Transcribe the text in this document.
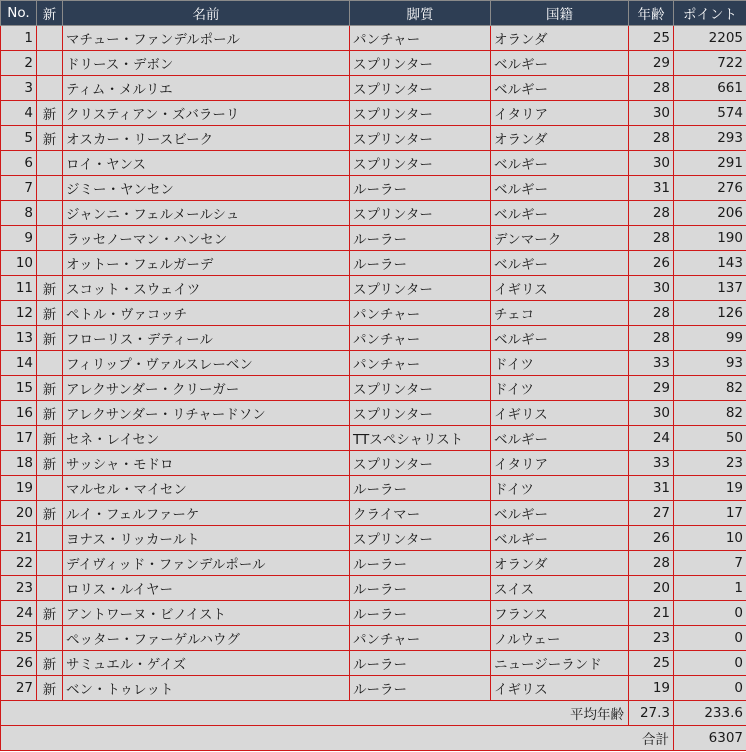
No.	新	名前	脚質	国籍	年齢	ポイント
1		マチュー・ファンデルポール	パンチャー	オランダ	25	2205
2		ドリース・デボン	スプリンター	ベルギー	29	722
3		ティム・メルリエ	スプリンター	ベルギー	28	661
4	新	クリスティアン・ズバラーリ	スプリンター	イタリア	30	574
5	新	オスカー・リースビーク	スプリンター	オランダ	28	293
6		ロイ・ヤンス	スプリンター	ベルギー	30	291
7		ジミー・ヤンセン	ルーラー	ベルギー	31	276
8		ジャンニ・フェルメールシュ	スプリンター	ベルギー	28	206
9		ラッセノーマン・ハンセン	ルーラー	デンマーク	28	190
10		オットー・フェルガーデ	ルーラー	ベルギー	26	143
11	新	スコット・スウェイツ	スプリンター	イギリス	30	137
12	新	ペトル・ヴァコッチ	パンチャー	チェコ	28	126
13	新	フローリス・デティール	パンチャー	ベルギー	28	99
14		フィリップ・ヴァルスレーベン	パンチャー	ドイツ	33	93
15	新	アレクサンダー・クリーガー	スプリンター	ドイツ	29	82
16	新	アレクサンダー・リチャードソン	スプリンター	イギリス	30	82
17	新	セネ・レイセン	TTスペシャリスト	ベルギー	24	50
18	新	サッシャ・モドロ	スプリンター	イタリア	33	23
19		マルセル・マイセン	ルーラー	ドイツ	31	19
20	新	ルイ・フェルファーケ	クライマー	ベルギー	27	17
21		ヨナス・リッカールト	スプリンター	ベルギー	26	10
22		デイヴィッド・ファンデルポール	ルーラー	オランダ	28	7
23		ロリス・ルイヤー	ルーラー	スイス	20	1
24	新	アントワーヌ・ビノイスト	ルーラー	フランス	21	0
25		ペッター・ファーゲルハウグ	パンチャー	ノルウェー	23	0
26	新	サミュエル・ゲイズ	ルーラー	ニュージーランド	25	0
27	新	ベン・トゥレット	ルーラー	イギリス	19	0
平均年齢					27.3	233.6
合計						6307
